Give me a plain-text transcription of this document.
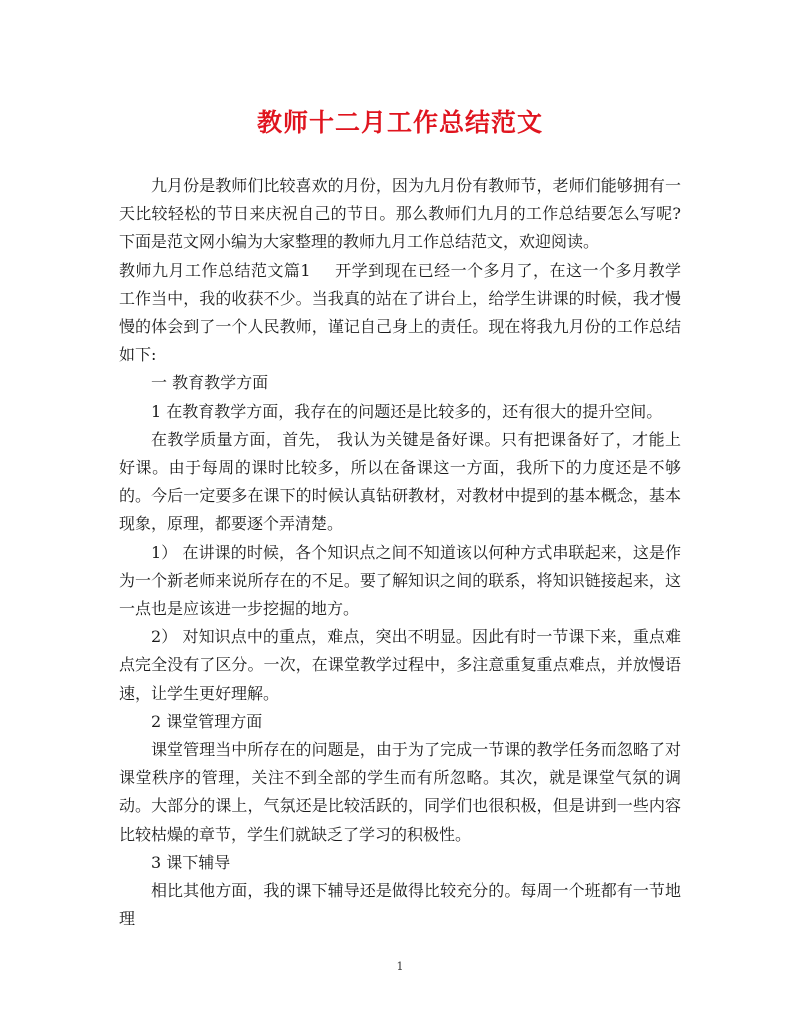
教师十二月工作总结范文

九月份是教师们比较喜欢的月份，因为九月份有教师节，老师们能够拥有一天比较轻松的节日来庆祝自己的节日。那么教师们九月的工作总结要怎么写呢?下面是范文网小编为大家整理的教师九月工作总结范文，欢迎阅读。

教师九月工作总结范文篇1 开学到现在已经一个多月了，在这一个多月教学工作当中，我的收获不少。当我真的站在了讲台上，给学生讲课的时候，我才慢慢的体会到了一个人民教师，谨记自己身上的责任。现在将我九月份的工作总结如下:

一 教育教学方面

1 在教育教学方面，我存在的问题还是比较多的，还有很大的提升空间。

在教学质量方面，首先， 我认为关键是备好课。只有把课备好了，才能上好课。由于每周的课时比较多，所以在备课这一方面，我所下的力度还是不够的。今后一定要多在课下的时候认真钻研教材，对教材中提到的基本概念，基本现象，原理，都要逐个弄清楚。

1） 在讲课的时候，各个知识点之间不知道该以何种方式串联起来，这是作为一个新老师来说所存在的不足。要了解知识之间的联系，将知识链接起来，这一点也是应该进一步挖掘的地方。

2） 对知识点中的重点，难点，突出不明显。因此有时一节课下来，重点难点完全没有了区分。一次，在课堂教学过程中，多注意重复重点难点，并放慢语速，让学生更好理解。

2 课堂管理方面

课堂管理当中所存在的问题是，由于为了完成一节课的教学任务而忽略了对课堂秩序的管理，关注不到全部的学生而有所忽略。其次，就是课堂气氛的调动。大部分的课上，气氛还是比较活跃的，同学们也很积极，但是讲到一些内容比较枯燥的章节，学生们就缺乏了学习的积极性。

3 课下辅导

相比其他方面，我的课下辅导还是做得比较充分的。每周一个班都有一节地理

1
